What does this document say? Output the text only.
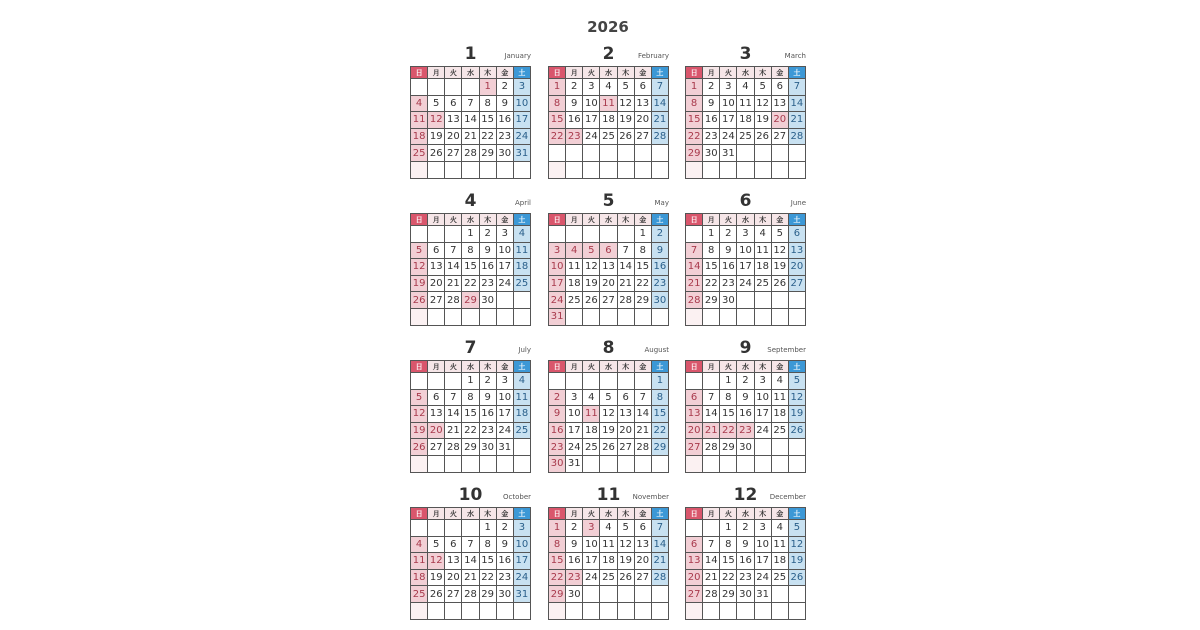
2026
1	January
日	月	火	水	木	金	土
				1	2	3
4	5	6	7	8	9	10
11	12	13	14	15	16	17
18	19	20	21	22	23	24
25	26	27	28	29	30	31

2	February
日	月	火	水	木	金	土
1	2	3	4	5	6	7
8	9	10	11	12	13	14
15	16	17	18	19	20	21
22	23	24	25	26	27	28

3	March
日	月	火	水	木	金	土
1	2	3	4	5	6	7
8	9	10	11	12	13	14
15	16	17	18	19	20	21
22	23	24	25	26	27	28
29	30	31				

4	April
日	月	火	水	木	金	土
			1	2	3	4
5	6	7	8	9	10	11
12	13	14	15	16	17	18
19	20	21	22	23	24	25
26	27	28	29	30		

5	May
日	月	火	水	木	金	土
					1	2
3	4	5	6	7	8	9
10	11	12	13	14	15	16
17	18	19	20	21	22	23
24	25	26	27	28	29	30
31						
6	June
日	月	火	水	木	金	土
	1	2	3	4	5	6
7	8	9	10	11	12	13
14	15	16	17	18	19	20
21	22	23	24	25	26	27
28	29	30				

7	July
日	月	火	水	木	金	土
			1	2	3	4
5	6	7	8	9	10	11
12	13	14	15	16	17	18
19	20	21	22	23	24	25
26	27	28	29	30	31	

8	August
日	月	火	水	木	金	土
						1
2	3	4	5	6	7	8
9	10	11	12	13	14	15
16	17	18	19	20	21	22
23	24	25	26	27	28	29
30	31					
9	September
日	月	火	水	木	金	土
		1	2	3	4	5
6	7	8	9	10	11	12
13	14	15	16	17	18	19
20	21	22	23	24	25	26
27	28	29	30			

10	October
日	月	火	水	木	金	土
				1	2	3
4	5	6	7	8	9	10
11	12	13	14	15	16	17
18	19	20	21	22	23	24
25	26	27	28	29	30	31

11	November
日	月	火	水	木	金	土
1	2	3	4	5	6	7
8	9	10	11	12	13	14
15	16	17	18	19	20	21
22	23	24	25	26	27	28
29	30					

12	December
日	月	火	水	木	金	土
		1	2	3	4	5
6	7	8	9	10	11	12
13	14	15	16	17	18	19
20	21	22	23	24	25	26
27	28	29	30	31		
